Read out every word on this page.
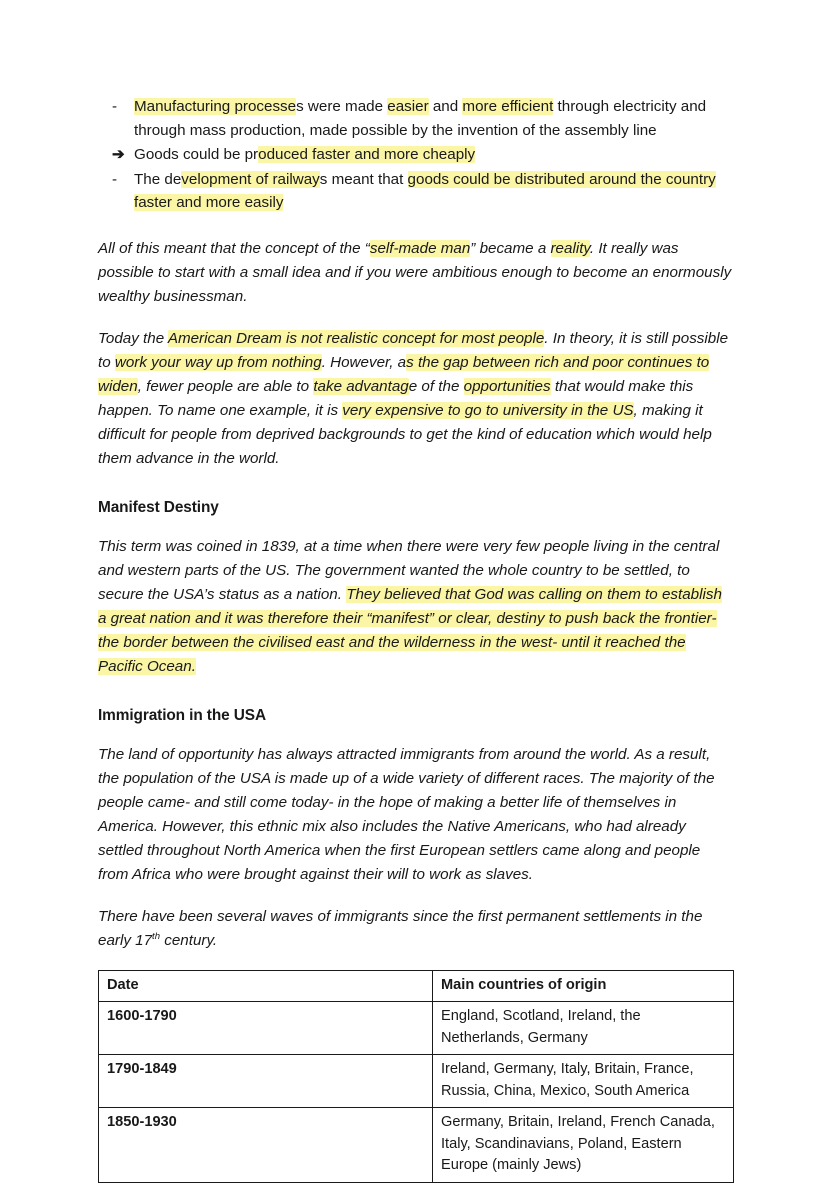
-	Manufacturing processes were made easier and more efficient through electricity and through mass production, made possible by the invention of the assembly line
➔ Goods could be produced faster and more cheaply
-	The development of railways meant that goods could be distributed around the country faster and more easily

All of this meant that the concept of the “self-made man” became a reality. It really was possible to start with a small idea and if you were ambitious enough to become an enormously wealthy businessman.

Today the American Dream is not realistic concept for most people. In theory, it is still possible to work your way up from nothing. However, as the gap between rich and poor continues to widen, fewer people are able to take advantage of the opportunities that would make this happen. To name one example, it is very expensive to go to university in the US, making it difficult for people from deprived backgrounds to get the kind of education which would help them advance in the world.

Manifest Destiny

This term was coined in 1839, at a time when there were very few people living in the central and western parts of the US. The government wanted the whole country to be settled, to secure the USA’s status as a nation. They believed that God was calling on them to establish a great nation and it was therefore their “manifest” or clear, destiny to push back the frontier- the border between the civilised east and the wilderness in the west- until it reached the Pacific Ocean.

Immigration in the USA

The land of opportunity has always attracted immigrants from around the world. As a result, the population of the USA is made up of a wide variety of different races. The majority of the people came- and still come today- in the hope of making a better life of themselves in America. However, this ethnic mix also includes the Native Americans, who had already settled throughout North America when the first European settlers came along and people from Africa who were brought against their will to work as slaves.

There have been several waves of immigrants since the first permanent settlements in the early 17th century.

Date	Main countries of origin
1600-1790	England, Scotland, Ireland, the
Netherlands, Germany

1790-1849	Ireland, Germany, Italy, Britain, France,
Russia, China, Mexico, South America

1850-1930	Germany, Britain, Ireland, French Canada,
Italy, Scandinavians, Poland, Eastern
Europe (mainly Jews)
